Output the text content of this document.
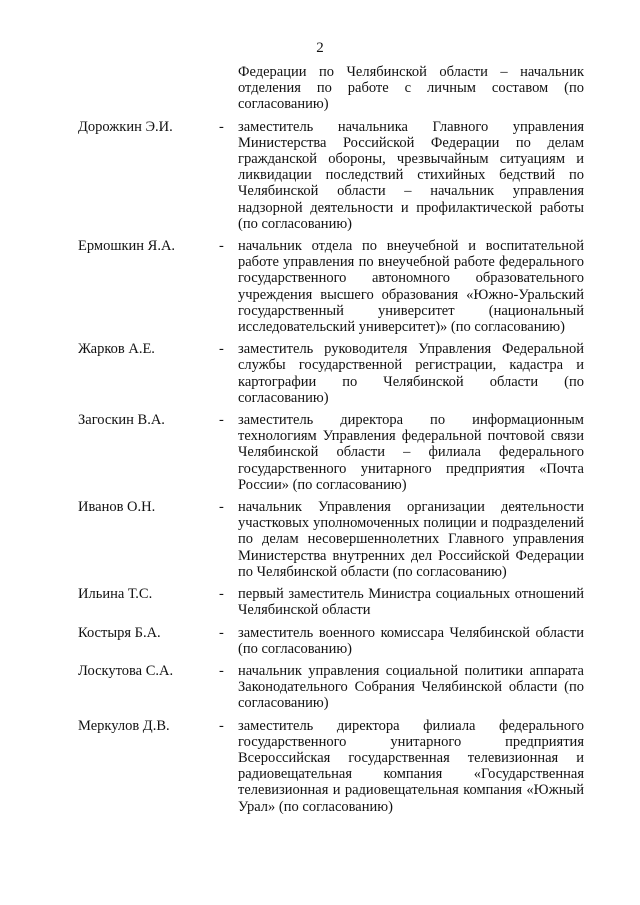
2
Федерации по Челябинской области – начальник отделения по работе с личным составом (по согласованию)
Дорожкин Э.И.	- заместитель начальника Главного управления Министерства Российской Федерации по делам гражданской обороны, чрезвычайным ситуациям и ликвидации последствий стихийных бедствий по Челябинской области – начальник управления надзорной деятельности и профилактической работы (по согласованию)
Ермошкин Я.А.	- начальник отдела по внеучебной и воспитательной работе управления по внеучебной работе федерального государственного автономного образовательного учреждения высшего образования «Южно-Уральский государственный университет (национальный исследовательский университет)» (по согласованию)
Жарков А.Е.	- заместитель руководителя Управления Федеральной службы государственной регистрации, кадастра и картографии по Челябинской области (по согласованию)
Загоскин В.А.	- заместитель директора по информационным технологиям Управления федеральной почтовой связи Челябинской области – филиала федерального государственного унитарного предприятия «Почта России» (по согласованию)
Иванов О.Н.	- начальник Управления организации деятельности участковых уполномоченных полиции и подразделений по делам несовершеннолетних Главного управления Министерства внутренних дел Российской Федерации по Челябинской области (по согласованию)
Ильина Т.С.	- первый заместитель Министра социальных отношений Челябинской области
Костыря Б.А.	- заместитель военного комиссара Челябинской области (по согласованию)
Лоскутова С.А.	- начальник управления социальной политики аппарата Законодательного Собрания Челябинской области (по согласованию)
Меркулов Д.В.	- заместитель директора филиала федерального государственного унитарного предприятия Всероссийская государственная телевизионная и радиовещательная компания «Государственная телевизионная и радиовещательная компания «Южный Урал» (по согласованию)
